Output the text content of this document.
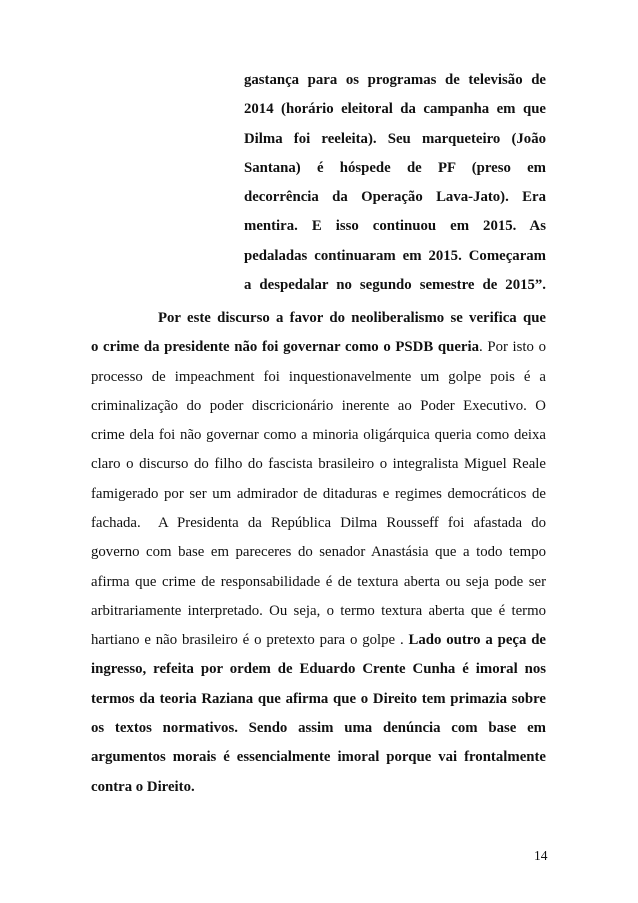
gastança para os programas de televisão de
2014 (horário eleitoral da campanha em que
Dilma foi reeleita). Seu marqueteiro (João
Santana) é hóspede de PF (preso em
decorrência da Operação Lava-Jato). Era
mentira. E isso continuou em 2015. As
pedaladas continuaram em 2015. Começaram
a despedalar no segundo semestre de 2015”.
Por este discurso a favor do neoliberalismo se verifica que
o crime da presidente não foi governar como o PSDB queria. Por isto o
processo de impeachment foi inquestionavelmente um golpe pois é a
criminalização do poder discricionário inerente ao Poder Executivo. O
crime dela foi não governar como a minoria oligárquica queria como deixa
claro o discurso do filho do fascista brasileiro o integralista Miguel Reale
famigerado por ser um admirador de ditaduras e regimes democráticos de
fachada.	A Presidenta da República Dilma Rousseff foi afastada do
governo com base em pareceres do senador Anastásia que a todo tempo
afirma que crime de responsabilidade é de textura aberta ou seja pode ser
arbitrariamente interpretado. Ou seja, o termo textura aberta que é termo
hartiano e não brasileiro é o pretexto para o golpe . Lado outro a peça de
ingresso, refeita por ordem de Eduardo Crente Cunha é imoral nos
termos da teoria Raziana que afirma que o Direito tem primazia sobre
os textos normativos. Sendo assim uma denúncia com base em
argumentos morais é essencialmente imoral porque vai frontalmente
contra o Direito.
14
